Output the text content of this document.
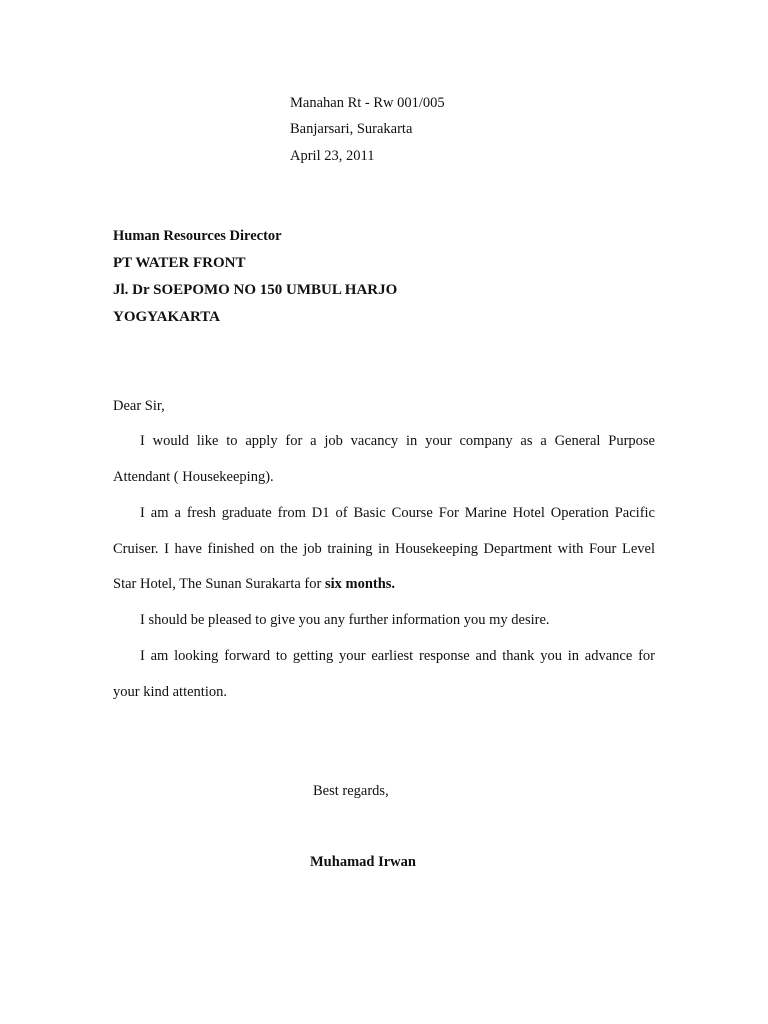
Manahan Rt - Rw 001/005
Banjarsari, Surakarta
April 23, 2011
Human Resources Director
PT WATER FRONT
Jl. Dr SOEPOMO NO 150 UMBUL HARJO
YOGYAKARTA
Dear Sir,
I would like to apply for a job vacancy in your company as a General Purpose
Attendant ( Housekeeping).
I am a fresh graduate from D1 of Basic Course For Marine Hotel Operation Pacific
Cruiser. I have finished on the job training in Housekeeping Department with Four Level
Star Hotel, The Sunan Surakarta for six months.
I should be pleased to give you any further information you my desire.
I am looking forward to getting your earliest response and thank you in advance for
your kind attention.
Best regards,
Muhamad Irwan
